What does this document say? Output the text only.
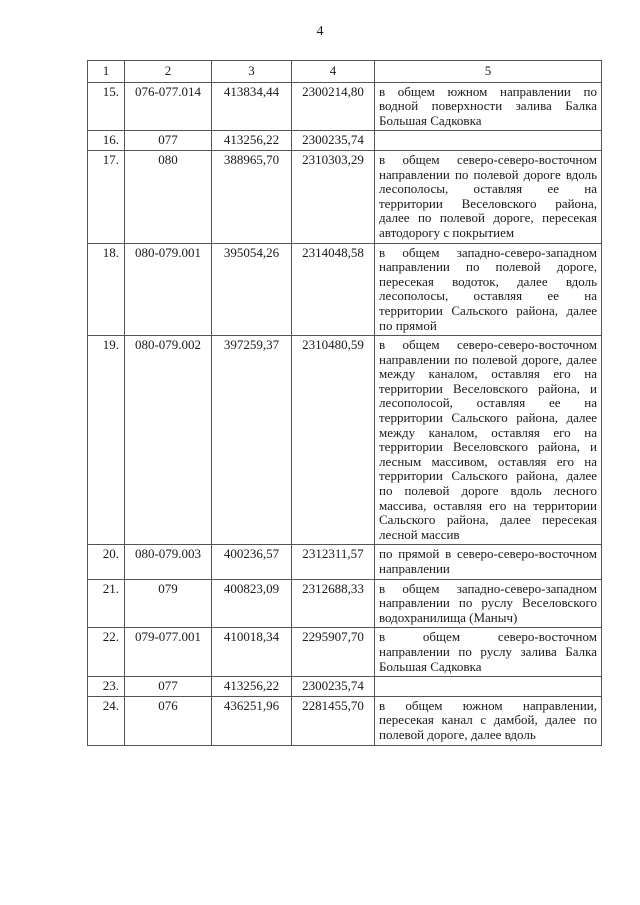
4
1	2	3	4	5
15.	076-077.014	413834,44	2300214,80	в общем южном направлении по водной поверхности залива Балка Большая Садковка
16.	077	413256,22	2300235,74	
17.	080	388965,70	2310303,29	в общем северо-северо-восточном направлении по полевой дороге вдоль лесополосы, оставляя ее на территории Веселовского района, далее по полевой дороге, пересекая автодорогу с покрытием
18.	080-079.001	395054,26	2314048,58	в общем западно-северо-западном направлении по полевой дороге, пересекая водоток, далее вдоль лесополосы, оставляя ее на территории Сальского района, далее по прямой
19.	080-079.002	397259,37	2310480,59	в общем северо-северо-восточном направлении по полевой дороге, далее между каналом, оставляя его на территории Веселовского района, и лесополосой, оставляя ее на территории Сальского района, далее между каналом, оставляя его на территории Веселовского района, и лесным массивом, оставляя его на территории Сальского района, далее по полевой дороге вдоль лесного массива, оставляя его на территории Сальского района, далее пересекая лесной массив
20.	080-079.003	400236,57	2312311,57	по прямой в северо-северо-восточном направлении
21.	079	400823,09	2312688,33	в общем западно-северо-западном направлении по руслу Веселовского водохранилища (Маныч)
22.	079-077.001	410018,34	2295907,70	в общем северо-восточном направлении по руслу залива Балка Большая Садковка
23.	077	413256,22	2300235,74	
24.	076	436251,96	2281455,70	в общем южном направлении, пересекая канал с дамбой, далее по полевой дороге, далее вдоль
